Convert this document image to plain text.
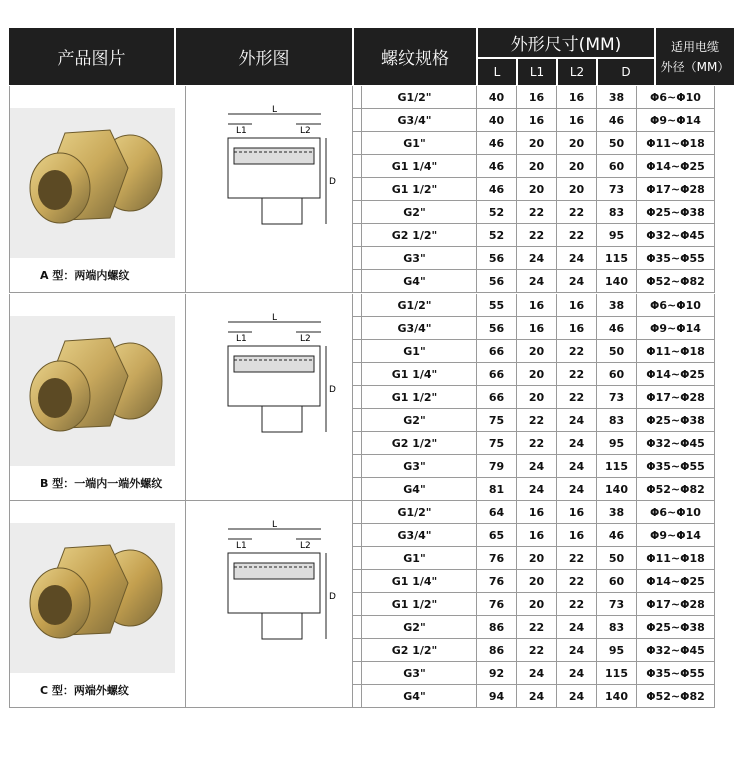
产品图片	外形图	螺纹规格
外形尺寸(MM)
L	L1	L2	D
适用电缆
外径（MM）
A 型：两端内螺纹
L
L1	L2
D
G1/2"	40	16	16	38	Φ6~Φ10
G3/4"	40	16	16	46	Φ9~Φ14
G1"	46	20	20	50	Φ11~Φ18
G1 1/4"	46	20	20	60	Φ14~Φ25
G1 1/2"	46	20	20	73	Φ17~Φ28
G2"	52	22	22	83	Φ25~Φ38
G2 1/2"	52	22	22	95	Φ32~Φ45
G3"	56	24	24	115	Φ35~Φ55
G4"	56	24	24	140	Φ52~Φ82
B 型：一端内一端外螺纹
L
L1	L2
D
G1/2"	55	16	16	38	Φ6~Φ10
G3/4"	56	16	16	46	Φ9~Φ14
G1"	66	20	22	50	Φ11~Φ18
G1 1/4"	66	20	22	60	Φ14~Φ25
G1 1/2"	66	20	22	73	Φ17~Φ28
G2"	75	22	24	83	Φ25~Φ38
G2 1/2"	75	22	24	95	Φ32~Φ45
G3"	79	24	24	115	Φ35~Φ55
G4"	81	24	24	140	Φ52~Φ82
C 型：两端外螺纹
L
L1	L2
D
G1/2"	64	16	16	38	Φ6~Φ10
G3/4"	65	16	16	46	Φ9~Φ14
G1"	76	20	22	50	Φ11~Φ18
G1 1/4"	76	20	22	60	Φ14~Φ25
G1 1/2"	76	20	22	73	Φ17~Φ28
G2"	86	22	24	83	Φ25~Φ38
G2 1/2"	86	22	24	95	Φ32~Φ45
G3"	92	24	24	115	Φ35~Φ55
G4"	94	24	24	140	Φ52~Φ82
